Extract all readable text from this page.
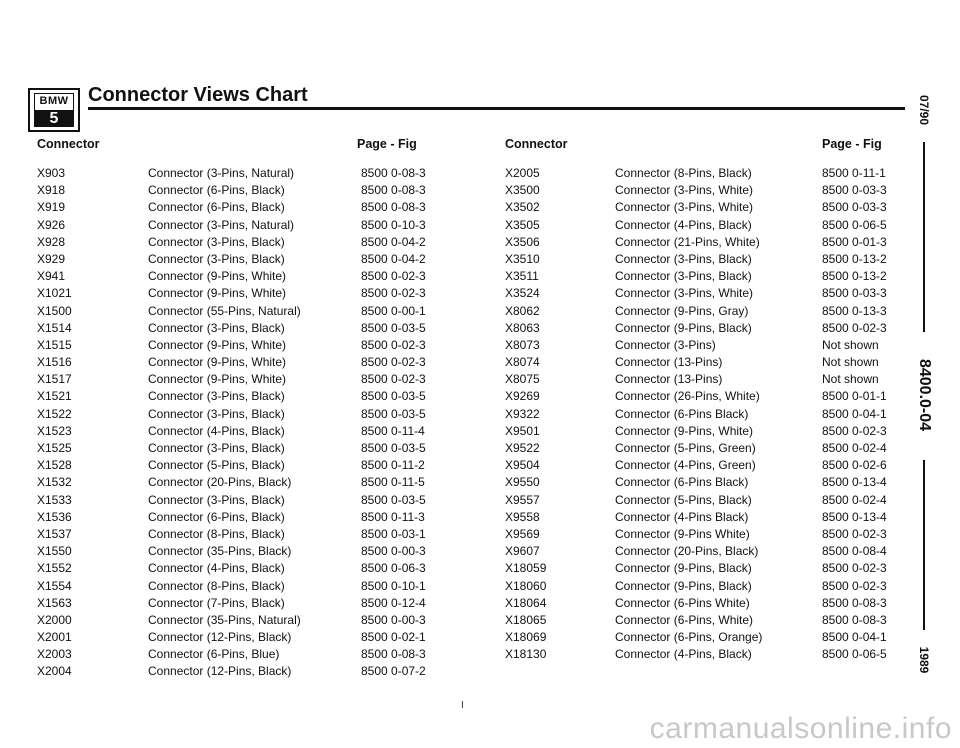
BMW
5
Connector Views Chart
Connector	Page - Fig	Connector	Page - Fig
X903	Connector (3-Pins, Natural)	8500 0-08-3
X918	Connector (6-Pins, Black)	8500 0-08-3
X919	Connector (6-Pins, Black)	8500 0-08-3
X926	Connector (3-Pins, Natural)	8500 0-10-3
X928	Connector (3-Pins, Black)	8500 0-04-2
X929	Connector (3-Pins, Black)	8500 0-04-2
X941	Connector (9-Pins, White)	8500 0-02-3
X1021	Connector (9-Pins, White)	8500 0-02-3
X1500	Connector (55-Pins, Natural)	8500 0-00-1
X1514	Connector (3-Pins, Black)	8500 0-03-5
X1515	Connector (9-Pins, White)	8500 0-02-3
X1516	Connector (9-Pins, White)	8500 0-02-3
X1517	Connector (9-Pins, White)	8500 0-02-3
X1521	Connector (3-Pins, Black)	8500 0-03-5
X1522	Connector (3-Pins, Black)	8500 0-03-5
X1523	Connector (4-Pins, Black)	8500 0-11-4
X1525	Connector (3-Pins, Black)	8500 0-03-5
X1528	Connector (5-Pins, Black)	8500 0-11-2
X1532	Connector (20-Pins, Black)	8500 0-11-5
X1533	Connector (3-Pins, Black)	8500 0-03-5
X1536	Connector (6-Pins, Black)	8500 0-11-3
X1537	Connector (8-Pins, Black)	8500 0-03-1
X1550	Connector (35-Pins, Black)	8500 0-00-3
X1552	Connector (4-Pins, Black)	8500 0-06-3
X1554	Connector (8-Pins, Black)	8500 0-10-1
X1563	Connector (7-Pins, Black)	8500 0-12-4
X2000	Connector (35-Pins, Natural)	8500 0-00-3
X2001	Connector (12-Pins, Black)	8500 0-02-1
X2003	Connector (6-Pins, Blue)	8500 0-08-3
X2004	Connector (12-Pins, Black)	8500 0-07-2
X2005	Connector (8-Pins, Black)	8500 0-11-1
X3500	Connector (3-Pins, White)	8500 0-03-3
X3502	Connector (3-Pins, White)	8500 0-03-3
X3505	Connector (4-Pins, Black)	8500 0-06-5
X3506	Connector (21-Pins, White)	8500 0-01-3
X3510	Connector (3-Pins, Black)	8500 0-13-2
X3511	Connector (3-Pins, Black)	8500 0-13-2
X3524	Connector (3-Pins, White)	8500 0-03-3
X8062	Connector (9-Pins, Gray)	8500 0-13-3
X8063	Connector (9-Pins, Black)	8500 0-02-3
X8073	Connector (3-Pins)	Not shown
X8074	Connector (13-Pins)	Not shown
X8075	Connector (13-Pins)	Not shown
X9269	Connector (26-Pins, White)	8500 0-01-1
X9322	Connector (6-Pins Black)	8500 0-04-1
X9501	Connector (9-Pins, White)	8500 0-02-3
X9522	Connector (5-Pins, Green)	8500 0-02-4
X9504	Connector (4-Pins, Green)	8500 0-02-6
X9550	Connector (6-Pins Black)	8500 0-13-4
X9557	Connector (5-Pins, Black)	8500 0-02-4
X9558	Connector (4-Pins Black)	8500 0-13-4
X9569	Connector (9-Pins White)	8500 0-02-3
X9607	Connector (20-Pins, Black)	8500 0-08-4
X18059	Connector (9-Pins, Black)	8500 0-02-3
X18060	Connector (9-Pins, Black)	8500 0-02-3
X18064	Connector (6-Pins White)	8500 0-08-3
X18065	Connector (6-Pins, White)	8500 0-08-3
X18069	Connector (6-Pins, Orange)	8500 0-04-1
X18130	Connector (4-Pins, Black)	8500 0-06-5
07/90
8400.0-04
1989
I
carmanualsonline.info
